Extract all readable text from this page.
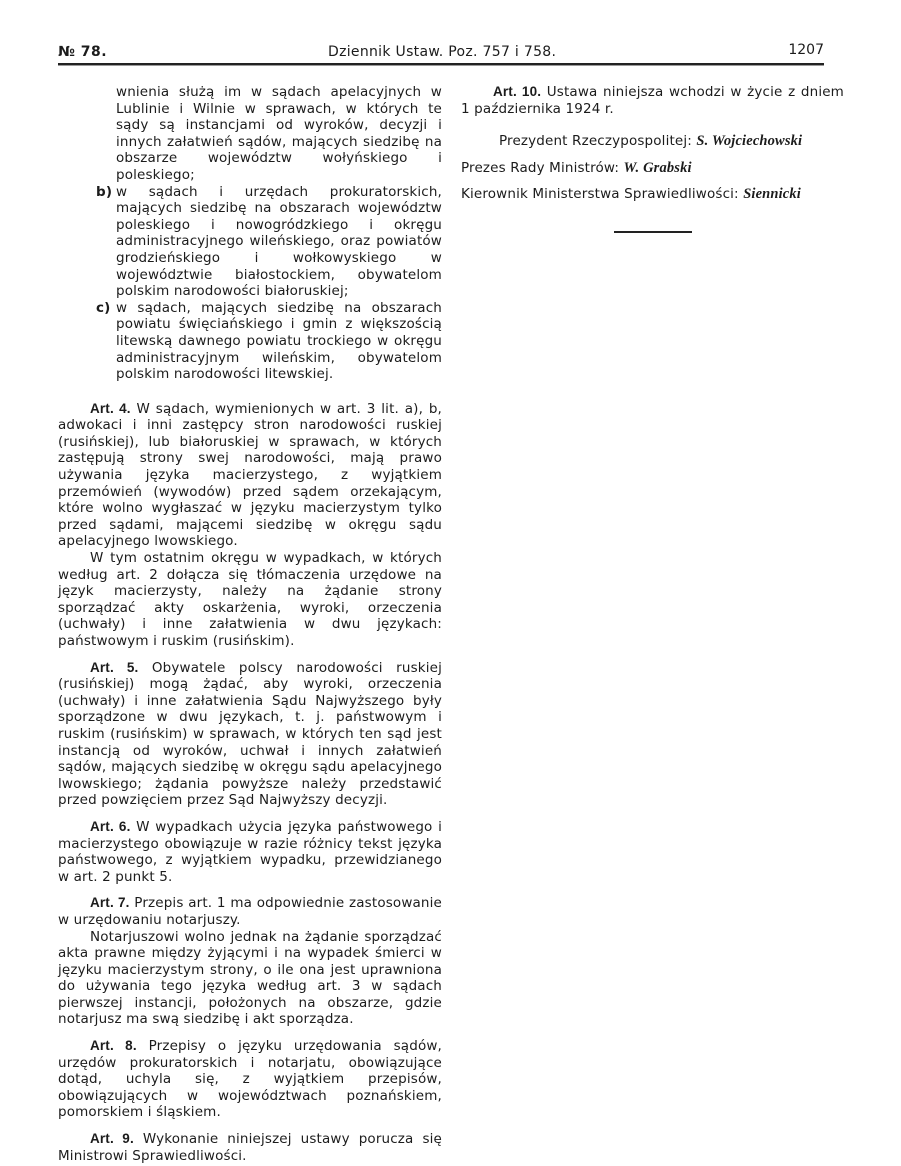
№ 78.	Dziennik Ustaw. Poz. 757 i 758.	1207

wnienia służą im w sądach apelacyjnych w Lublinie i Wilnie w sprawach, w których te sądy są instancjami od wyroków, decyzji i innych załatwień sądów, mających siedzibę na obszarze województw wołyńskiego i poleskiego;

b) w sądach i urzędach prokuratorskich, mających siedzibę na obszarach województw poleskiego i nowogródzkiego i okręgu administracyjnego wileńskiego, oraz powiatów grodzieńskiego i wołkowyskiego w województwie białostockiem, obywatelom polskim narodowości białoruskiej;
c) w sądach, mających siedzibę na obszarach powiatu święciańskiego i gmin z większością litewską dawnego powiatu trockiego w okręgu administracyjnym wileńskim, obywatelom polskim narodowości litewskiej.

Art. 4. W sądach, wymienionych w art. 3 lit. a), b, adwokaci i inni zastępcy stron narodowości ruskiej (rusińskiej), lub białoruskiej w sprawach, w których zastępują strony swej narodowości, mają prawo używania języka macierzystego, z wyjątkiem przemówień (wywodów) przed sądem orzekającym, które wolno wygłaszać w języku macierzystym tylko przed sądami, mającemi siedzibę w okręgu sądu apelacyjnego lwowskiego.

W tym ostatnim okręgu w wypadkach, w których według art. 2 dołącza się tłómaczenia urzędowe na język macierzysty, należy na żądanie strony sporządzać akty oskarżenia, wyroki, orzeczenia (uchwały) i inne załatwienia w dwu językach: państwowym i ruskim (rusińskim).

Art. 5. Obywatele polscy narodowości ruskiej (rusińskiej) mogą żądać, aby wyroki, orzeczenia (uchwały) i inne załatwienia Sądu Najwyższego były sporządzone w dwu językach, t. j. państwowym i ruskim (rusińskim) w sprawach, w których ten sąd jest instancją od wyroków, uchwał i innych załatwień sądów, mających siedzibę w okręgu sądu apelacyjnego lwowskiego; żądania powyższe należy przedstawić przed powzięciem przez Sąd Najwyższy decyzji.

Art. 6. W wypadkach użycia języka państwowego i macierzystego obowiązuje w razie różnicy tekst języka państwowego, z wyjątkiem wypadku, przewidzianego w art. 2 punkt 5.

Art. 7. Przepis art. 1 ma odpowiednie zastosowanie w urzędowaniu notarjuszy.

Notarjuszowi wolno jednak na żądanie sporządzać akta prawne między żyjącymi i na wypadek śmierci w języku macierzystym strony, o ile ona jest uprawniona do używania tego języka według art. 3 w sądach pierwszej instancji, położonych na obszarze, gdzie notarjusz ma swą siedzibę i akt sporządza.

Art. 8. Przepisy o języku urzędowania sądów, urzędów prokuratorskich i notarjatu, obowiązujące dotąd, uchyla się, z wyjątkiem przepisów, obowiązujących w województwach poznańskiem, pomorskiem i śląskiem.

Art. 9. Wykonanie niniejszej ustawy porucza się Ministrowi Sprawiedliwości.

Art. 10. Ustawa niniejsza wchodzi w życie z dniem 1 października 1924 r.

Prezydent Rzeczypospolitej: S. Wojciechowski

Prezes Rady Ministrów: W. Grabski

Kierownik Ministerstwa Sprawiedliwości: Siennicki
